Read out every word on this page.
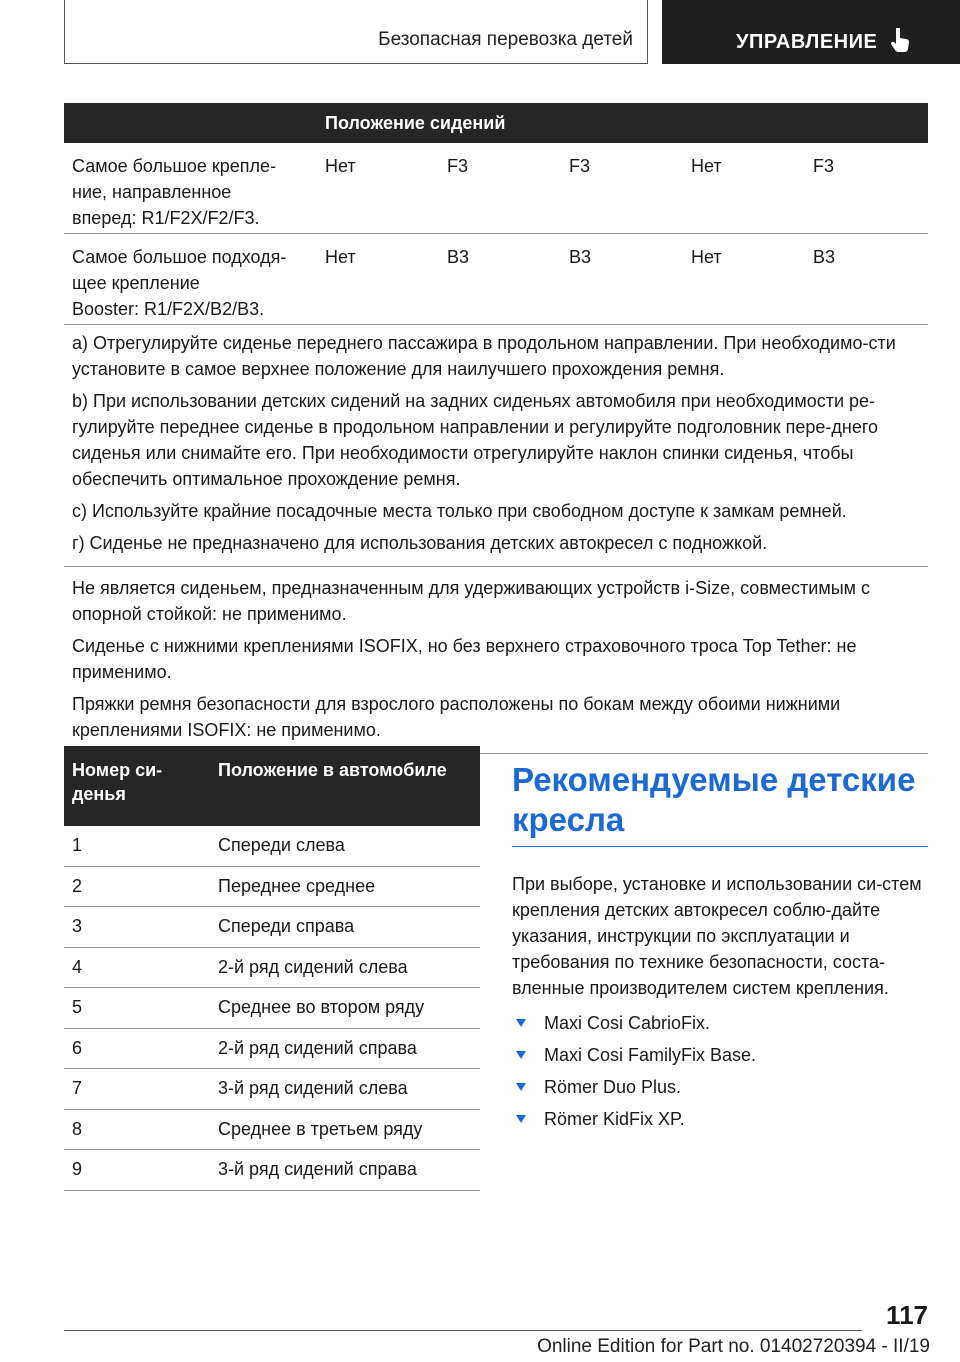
Безопасная перевозка детей	УПРАВЛЕНИЕ
Положение сидений
Самое большое крепле-
ние, направленное
вперед: R1/F2X/F2/F3.
Нет	F3	F3	Нет	F3
Самое большое подходя-
щее крепление
Booster: R1/F2X/B2/B3.
Нет	B3	B3	Нет	B3

a) Отрегулируйте сиденье переднего пассажира в продольном направлении. При необходимо-сти установите в самое верхнее положение для наилучшего прохождения ремня.

b) При использовании детских сидений на задних сиденьях автомобиля при необходимости ре-гулируйте переднее сиденье в продольном направлении и регулируйте подголовник пере-днего сиденья или снимайте его. При необходимости отрегулируйте наклон спинки сиденья, чтобы обеспечить оптимальное прохождение ремня.

c) Используйте крайние посадочные места только при свободном доступе к замкам ремней.

г) Сиденье не предназначено для использования детских автокресел с подножкой.

Не является сиденьем, предназначенным для удерживающих устройств i-Size, совместимым с опорной стойкой: не применимо.

Сиденье с нижними креплениями ISOFIX, но без верхнего страховочного троса Top Tether: не применимо.

Пряжки ремня безопасности для взрослого расположены по бокам между обоими нижними креплениями ISOFIX: не применимо.

Номер си-
денья
Положение в автомобиле
1	Спереди слева
2	Переднее среднее
3	Спереди справа
4	2-й ряд сидений слева
5	Среднее во втором ряду
6	2-й ряд сидений справа
7	3-й ряд сидений слева
8	Среднее в третьем ряду
9	3-й ряд сидений справа
Рекомендуемые детские кресла

При выборе, установке и использовании си-стем крепления детских автокресел соблю-дайте указания, инструкции по эксплуатации и требования по технике безопасности, соста-вленные производителем систем крепления.

Maxi Cosi CabrioFix.
Maxi Cosi FamilyFix Base.
Römer Duo Plus.
Römer KidFix XP.
117
Online Edition for Part no. 01402720394 - II/19
